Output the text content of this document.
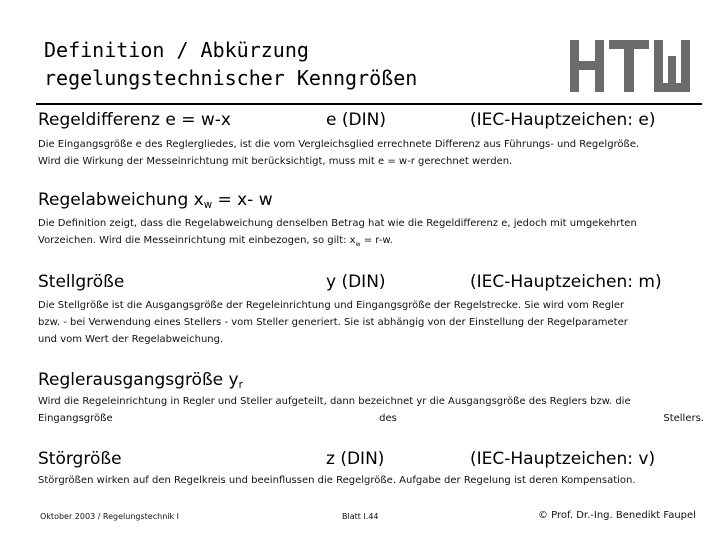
Definition / Abkürzung
regelungstechnischer Kenngrößen
Regeldifferenz e = w-x	e (DIN)	(IEC-Hauptzeichen: e)
Die Eingangsgröße e des Reglergliedes, ist die vom Vergleichsglied errechnete Differenz aus Führungs- und Regelgröße.
Wird die Wirkung der Messeinrichtung mit berücksichtigt, muss mit e = w-r gerechnet werden.
Regelabweichung $x_w = x-$ w
Die Definition zeigt, dass die Regelabweichung denselben Betrag hat wie die Regeldifferenz e, jedoch mit umgekehrten
Vorzeichen. Wird die Messeinrichtung mit einbezogen, so gilt: $x_w = r-w$.
Stellgröße	y (DIN)	(IEC-Hauptzeichen: m)
Die Stellgröße ist die Ausgangsgröße der Regeleinrichtung und Eingangsgröße der Regelstrecke. Sie wird vom Regler
bzw. - bei Verwendung eines Stellers - vom Steller generiert. Sie ist abhängig von der Einstellung der Regelparameter
und vom Wert der Regelabweichung.
Reglerausgangsgröße $y_r$
Wird die Regeleinrichtung in Regler und Steller aufgeteilt, dann bezeichnet yr die Ausgangsgröße des Reglers bzw. die
Eingangsgröße	des	Stellers.
Störgröße	z (DIN)	(IEC-Hauptzeichen: v)
Störgrößen wirken auf den Regelkreis und beeinflussen die Regelgröße. Aufgabe der Regelung ist deren Kompensation.
Oktober 2003 / Regelungstechnik I	Blatt I.44	© Prof. Dr.-Ing. Benedikt Faupel
